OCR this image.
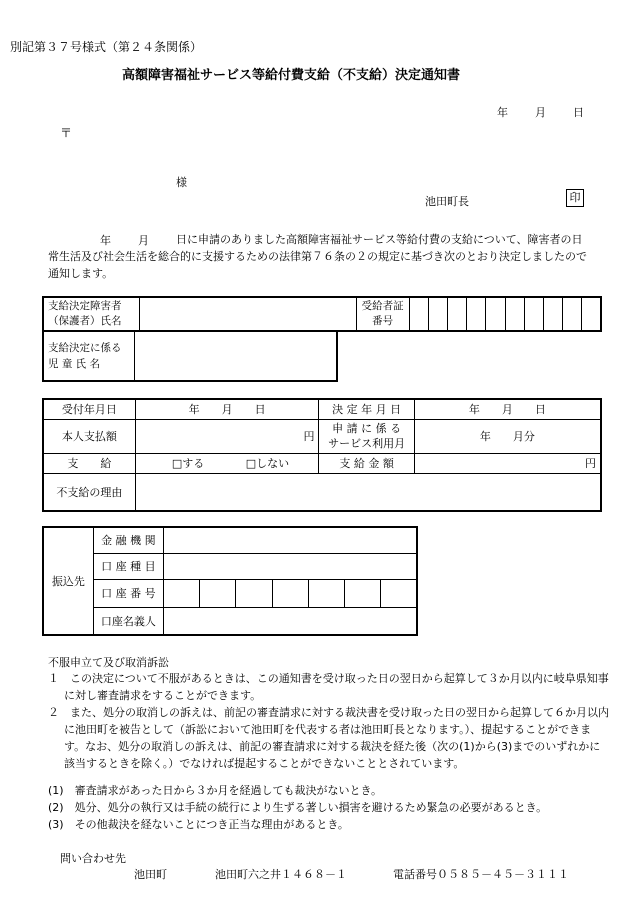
別記第３７号様式（第２４条関係）
高額障害福祉サービス等給付費支給（不支給）決定通知書
年 月 日
〒
様
池田町長	印
年 月	日に申請のありました高額障害福祉サービス等給付費の支給について、障害者の日常生活及び社会生活を総合的に支援するための法律第７６条の２の規定に基づき次のとおり決定しましたので通知します。
支給決定障害者（保護者）氏名		受給者証番号										
支給決定に係る
児 童 氏 名

受付年月日	年　　月　　日	決 定 年 月 日	年　　月　　日
本人支払額	円	申 請 に 係 る
サービス利用月	年　　月分
支　　給	□する □しない	支 給 金 額	円
不支給の理由			
振込先	金 融 機 関							
	口 座 種 目							
	口 座 番 号							
	口座名義人							
不服申立て及び取消訴訟
１　この決定について不服があるときは、この通知書を受け取った日の翌日から起算して３か月以内に岐阜県知事に対し審査請求をすることができます。
２　また、処分の取消しの訴えは、前記の審査請求に対する裁決書を受け取った日の翌日から起算して６か月以内に池田町を被告として（訴訟において池田町を代表する者は池田町長となります。）、提起することができます。なお、処分の取消しの訴えは、前記の審査請求に対する裁決を経た後（次の(1)から(3)までのいずれかに該当するときを除く。）でなければ提起することができないこととされています。
(1)　審査請求があった日から３か月を経過しても裁決がないとき。
(2)　処分、処分の執行又は手続の続行により生ずる著しい損害を避けるため緊急の必要があるとき。
(3)　その他裁決を経ないことにつき正当な理由があるとき。
問い合わせ先
池田町	池田町六之井１４６８－１	電話番号０５８５－４５－３１１１
